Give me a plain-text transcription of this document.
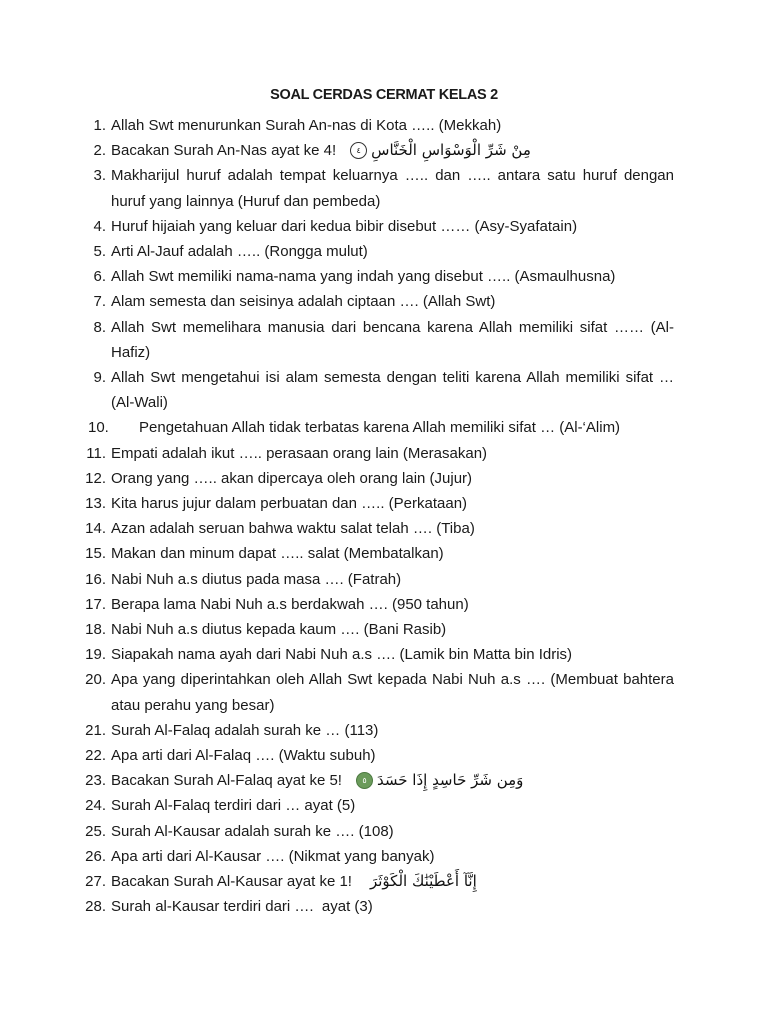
SOAL CERDAS CERMAT KELAS 2
1. Allah Swt menurunkan Surah An-nas di Kota ….. (Mekkah)
2. Bacakan Surah An-Nas ayat ke 4! مِنْ شَرِّ الْوَسْوَاسِ الْخَنَّاسِ٤
3. Makharijul huruf adalah tempat keluarnya ….. dan ….. antara satu huruf dengan huruf yang lainnya (Huruf dan pembeda)
4. Huruf hijaiah yang keluar dari kedua bibir disebut …… (Asy-Syafatain)
5. Arti Al-Jauf adalah ….. (Rongga mulut)
6. Allah Swt memiliki nama-nama yang indah yang disebut ….. (Asmaulhusna)
7. Alam semesta dan seisinya adalah ciptaan …. (Allah Swt)
8. Allah Swt memelihara manusia dari bencana karena Allah memiliki sifat …… (Al-Hafiz)
9. Allah Swt mengetahui isi alam semesta dengan teliti karena Allah memiliki sifat … (Al-Wali)
10. Pengetahuan Allah tidak terbatas karena Allah memiliki sifat … (Al-‘Alim)
11. Empati adalah ikut ….. perasaan orang lain (Merasakan)
12. Orang yang ….. akan dipercaya oleh orang lain (Jujur)
13. Kita harus jujur dalam perbuatan dan ….. (Perkataan)
14. Azan adalah seruan bahwa waktu salat telah …. (Tiba)
15. Makan dan minum dapat ….. salat (Membatalkan)
16. Nabi Nuh a.s diutus pada masa …. (Fatrah)
17. Berapa lama Nabi Nuh a.s berdakwah …. (950 tahun)
18. Nabi Nuh a.s diutus kepada kaum …. (Bani Rasib)
19. Siapakah nama ayah dari Nabi Nuh a.s …. (Lamik bin Matta bin Idris)
20. Apa yang diperintahkan oleh Allah Swt kepada Nabi Nuh a.s …. (Membuat bahtera atau perahu yang besar)
21. Surah Al-Falaq adalah surah ke … (113)
22. Apa arti dari Al-Falaq …. (Waktu subuh)
23. Bacakan Surah Al-Falaq ayat ke 5! وَمِن شَرِّ حَاسِدٍ إِذَا حَسَدَ٥
24. Surah Al-Falaq terdiri dari … ayat (5)
25. Surah Al-Kausar adalah surah ke …. (108)
26. Apa arti dari Al-Kausar …. (Nikmat yang banyak)
27. Bacakan Surah Al-Kausar ayat ke 1! إِنَّآ أَعْطَيْنَٰكَ الْكَوْثَرَ
28. Surah al-Kausar terdiri dari ….  ayat (3)
